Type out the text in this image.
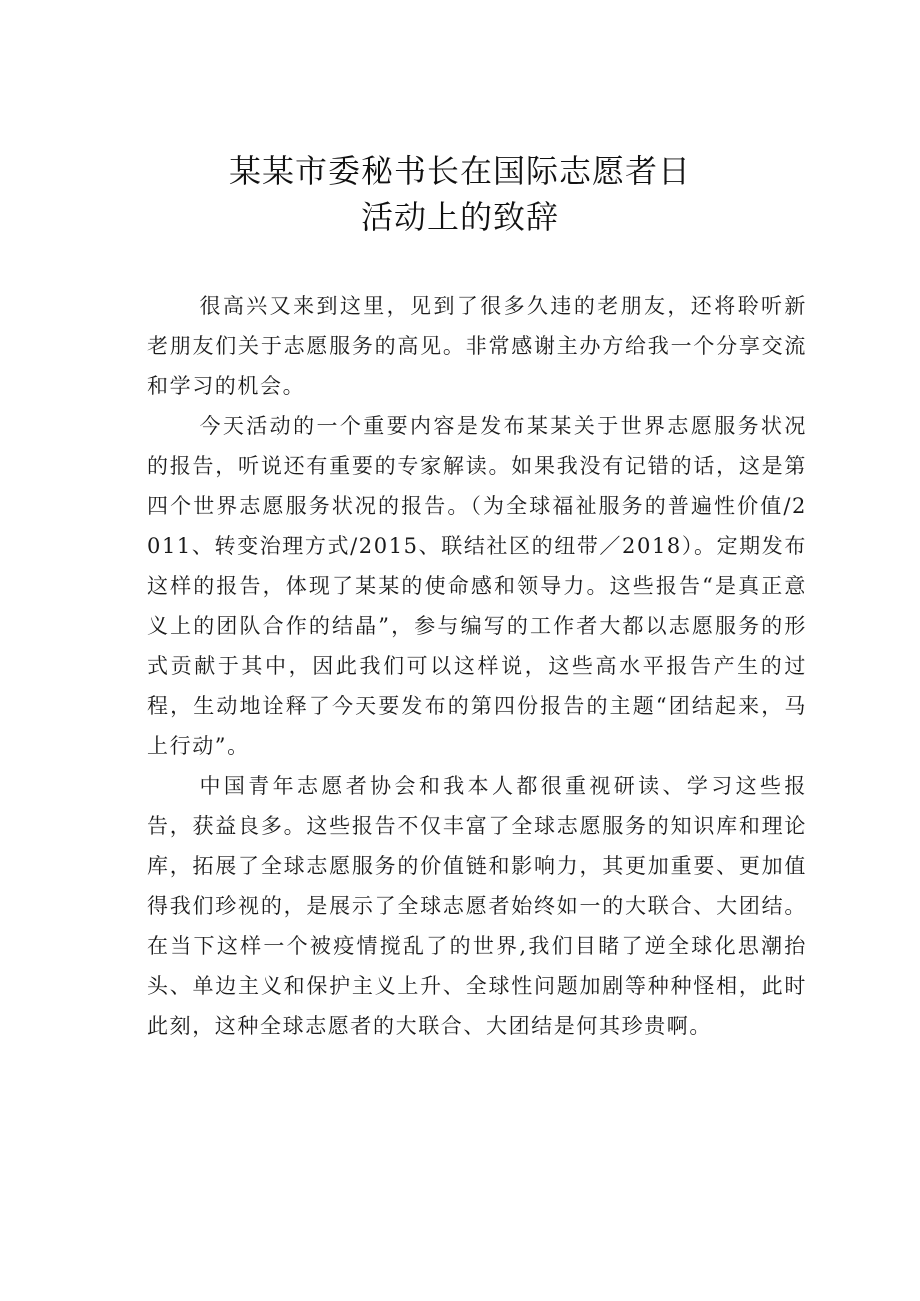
某某市委秘书长在国际志愿者日
活动上的致辞

很高兴又来到这里，见到了很多久违的老朋友，还将聆听新老朋友们关于志愿服务的高见。非常感谢主办方给我一个分享交流和学习的机会。

今天活动的一个重要内容是发布某某关于世界志愿服务状况的报告，听说还有重要的专家解读。如果我没有记错的话，这是第四个世界志愿服务状况的报告。（为全球福祉服务的普遍性价值/2011、转变治理方式/2015、联结社区的纽带／2018）。定期发布这样的报告，体现了某某的使命感和领导力。这些报告“是真正意义上的团队合作的结晶”，参与编写的工作者大都以志愿服务的形式贡献于其中，因此我们可以这样说，这些高水平报告产生的过程，生动地诠释了今天要发布的第四份报告的主题“团结起来，马上行动”。

中国青年志愿者协会和我本人都很重视研读、学习这些报告，获益良多。这些报告不仅丰富了全球志愿服务的知识库和理论库，拓展了全球志愿服务的价值链和影响力，其更加重要、更加值得我们珍视的，是展示了全球志愿者始终如一的大联合、大团结。在当下这样一个被疫情搅乱了的世界,我们目睹了逆全球化思潮抬头、单边主义和保护主义上升、全球性问题加剧等种种怪相，此时此刻，这种全球志愿者的大联合、大团结是何其珍贵啊。
